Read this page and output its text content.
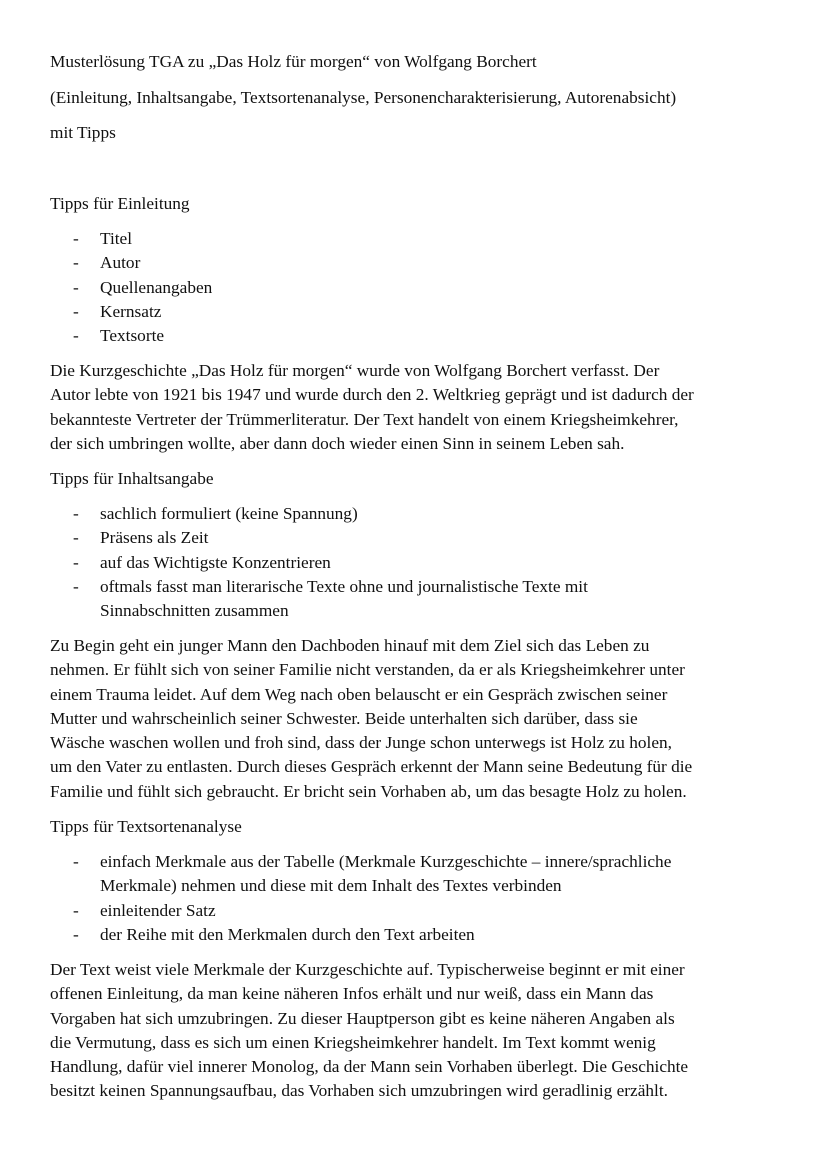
Musterlösung TGA zu „Das Holz für morgen“ von Wolfgang Borchert
(Einleitung, Inhaltsangabe, Textsortenanalyse, Personencharakterisierung, Autorenabsicht)
mit Tipps
Tipps für Einleitung
- Titel
- Autor
- Quellenangaben
- Kernsatz
- Textsorte
Die Kurzgeschichte „Das Holz für morgen“ wurde von Wolfgang Borchert verfasst. Der
Autor lebte von 1921 bis 1947 und wurde durch den 2. Weltkrieg geprägt und ist dadurch der
bekannteste Vertreter der Trümmerliteratur. Der Text handelt von einem Kriegsheimkehrer,
der sich umbringen wollte, aber dann doch wieder einen Sinn in seinem Leben sah.
Tipps für Inhaltsangabe
- sachlich formuliert (keine Spannung)
- Präsens als Zeit
- auf das Wichtigste Konzentrieren
- oftmals fasst man literarische Texte ohne und journalistische Texte mit
Sinnabschnitten zusammen
Zu Begin geht ein junger Mann den Dachboden hinauf mit dem Ziel sich das Leben zu
nehmen. Er fühlt sich von seiner Familie nicht verstanden, da er als Kriegsheimkehrer unter
einem Trauma leidet. Auf dem Weg nach oben belauscht er ein Gespräch zwischen seiner
Mutter und wahrscheinlich seiner Schwester. Beide unterhalten sich darüber, dass sie
Wäsche waschen wollen und froh sind, dass der Junge schon unterwegs ist Holz zu holen,
um den Vater zu entlasten. Durch dieses Gespräch erkennt der Mann seine Bedeutung für die
Familie und fühlt sich gebraucht. Er bricht sein Vorhaben ab, um das besagte Holz zu holen.
Tipps für Textsortenanalyse
- einfach Merkmale aus der Tabelle (Merkmale Kurzgeschichte – innere/sprachliche
Merkmale) nehmen und diese mit dem Inhalt des Textes verbinden
- einleitender Satz
- der Reihe mit den Merkmalen durch den Text arbeiten
Der Text weist viele Merkmale der Kurzgeschichte auf. Typischerweise beginnt er mit einer
offenen Einleitung, da man keine näheren Infos erhält und nur weiß, dass ein Mann das
Vorgaben hat sich umzubringen. Zu dieser Hauptperson gibt es keine näheren Angaben als
die Vermutung, dass es sich um einen Kriegsheimkehrer handelt. Im Text kommt wenig
Handlung, dafür viel innerer Monolog, da der Mann sein Vorhaben überlegt. Die Geschichte
besitzt keinen Spannungsaufbau, das Vorhaben sich umzubringen wird geradlinig erzählt.
